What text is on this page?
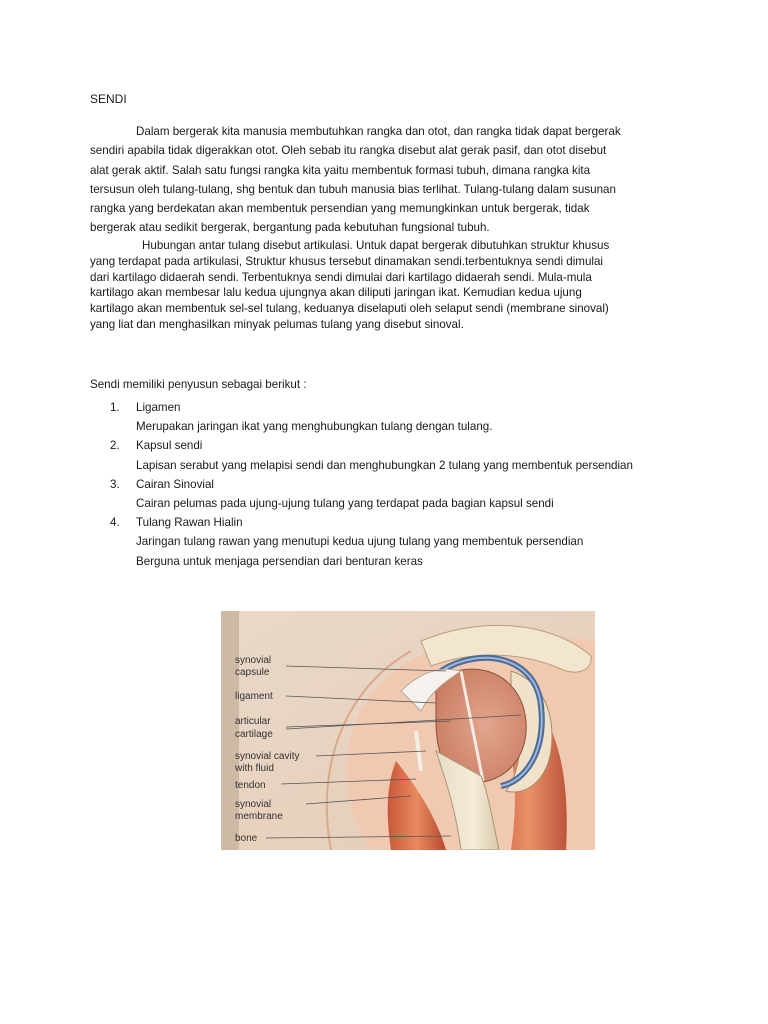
SENDI

Dalam bergerak kita manusia membutuhkan rangka dan otot, dan rangka tidak dapat bergerak
sendiri apabila tidak digerakkan otot. Oleh sebab itu rangka disebut alat gerak pasif, dan otot disebut
alat gerak aktif. Salah satu fungsi rangka kita yaitu membentuk formasi tubuh, dimana rangka kita
tersusun oleh tulang-tulang, shg bentuk dan tubuh manusia bias terlihat. Tulang-tulang dalam susunan
rangka yang berdekatan akan membentuk persendian yang memungkinkan untuk bergerak, tidak
bergerak atau sedikit bergerak, bergantung pada kebutuhan fungsional tubuh.

Hubungan antar tulang disebut artikulasi. Untuk dapat bergerak dibutuhkan struktur khusus
yang terdapat pada artikulasi, Struktur khusus tersebut dinamakan sendi.terbentuknya sendi dimulai
dari kartilago didaerah sendi. Terbentuknya sendi dimulai dari kartilago didaerah sendi. Mula-mula
kartilago akan membesar lalu kedua ujungnya akan diliputi jaringan ikat. Kemudian kedua ujung
kartilago akan membentuk sel-sel tulang, keduanya diselaputi oleh selaput sendi (membrane sinoval)
yang liat dan menghasilkan minyak pelumas tulang yang disebut sinoval.

Sendi memiliki penyusun sebagai berikut :
1. Ligamen
Merupakan jaringan ikat yang menghubungkan tulang dengan tulang.
2. Kapsul sendi
Lapisan serabut yang melapisi sendi dan menghubungkan 2 tulang yang membentuk persendian
3. Cairan Sinovial
Cairan pelumas pada ujung-ujung tulang yang terdapat pada bagian kapsul sendi
4. Tulang Rawan Hialin
Jaringan tulang rawan yang menutupi kedua ujung tulang yang membentuk persendian
Berguna untuk menjaga persendian dari benturan keras
synovial
capsule
ligament
articular
cartilage
synovial cavity
with fluid
tendon
synovial
membrane
bone
